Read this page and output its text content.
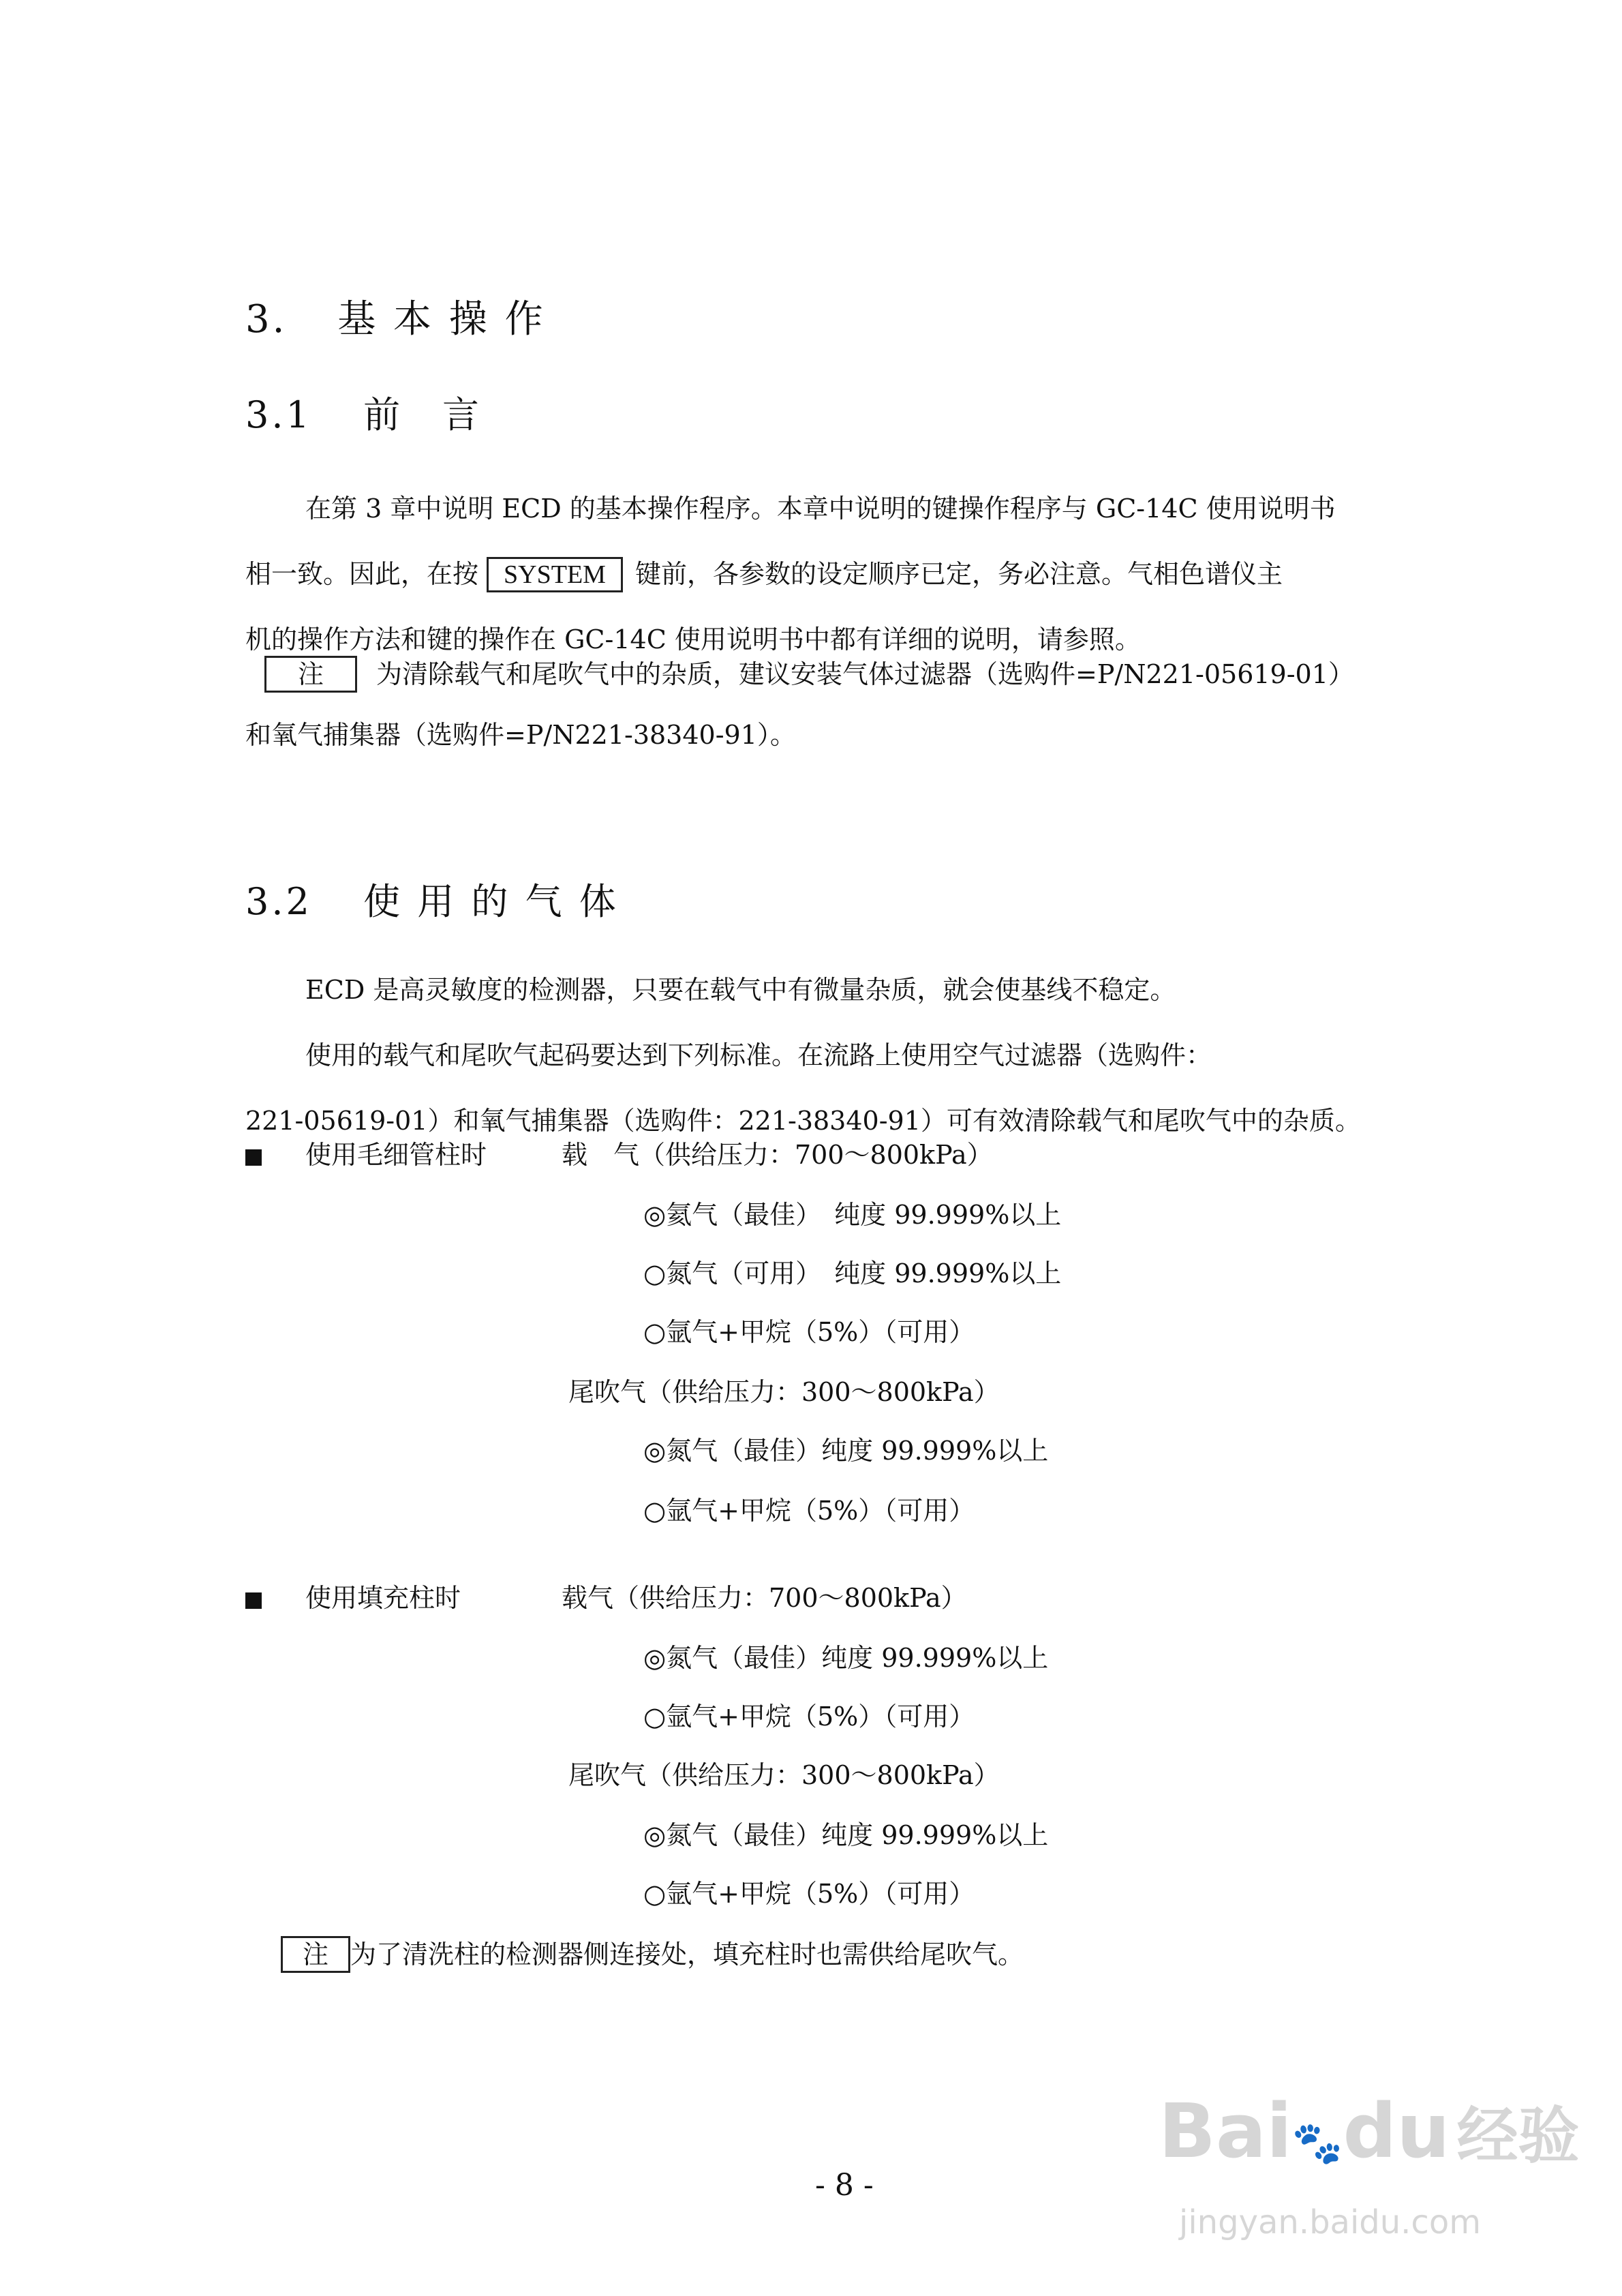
3. 基 本 操 作
3.1 前　言

在第 3 章中说明 ECD 的基本操作程序。本章中说明的键操作程序与 GC-14C 使用说明书

相一致。因此，在按 SYSTEM 键前，各参数的设定顺序已定，务必注意。气相色谱仪主

机的操作方法和键的操作在 GC-14C 使用说明书中都有详细的说明，请参照。

注 为清除载气和尾吹气中的杂质，建议安装气体过滤器（选购件=P/N221-05619-01）
和氧气捕集器（选购件=P/N221-38340-91）。
3.2 使 用 的 气 体

ECD 是高灵敏度的检测器，只要在载气中有微量杂质，就会使基线不稳定。

使用的载气和尾吹气起码要达到下列标准。在流路上使用空气过滤器（选购件：

221-05619-01）和氧气捕集器（选购件：221-38340-91）可有效清除载气和尾吹气中的杂质。

使用毛细管柱时	载　气（供给压力：700～800kPa）
◎氦气（最佳）　纯度 99.999%以上
○氮气（可用）　纯度 99.999%以上
○氩气+甲烷（5%）（可用）
尾吹气（供给压力：300～800kPa）
◎氮气（最佳）纯度 99.999%以上
○氩气+甲烷（5%）（可用）
使用填充柱时	载气（供给压力：700～800kPa）
◎氮气（最佳）纯度 99.999%以上
○氩气+甲烷（5%）（可用）
尾吹气（供给压力：300～800kPa）
◎氮气（最佳）纯度 99.999%以上
○氩气+甲烷（5%）（可用）
注 为了清洗柱的检测器侧连接处，填充柱时也需供给尾吹气。
- 8 -
Bai🐾du 经验
jingyan.baidu.com
